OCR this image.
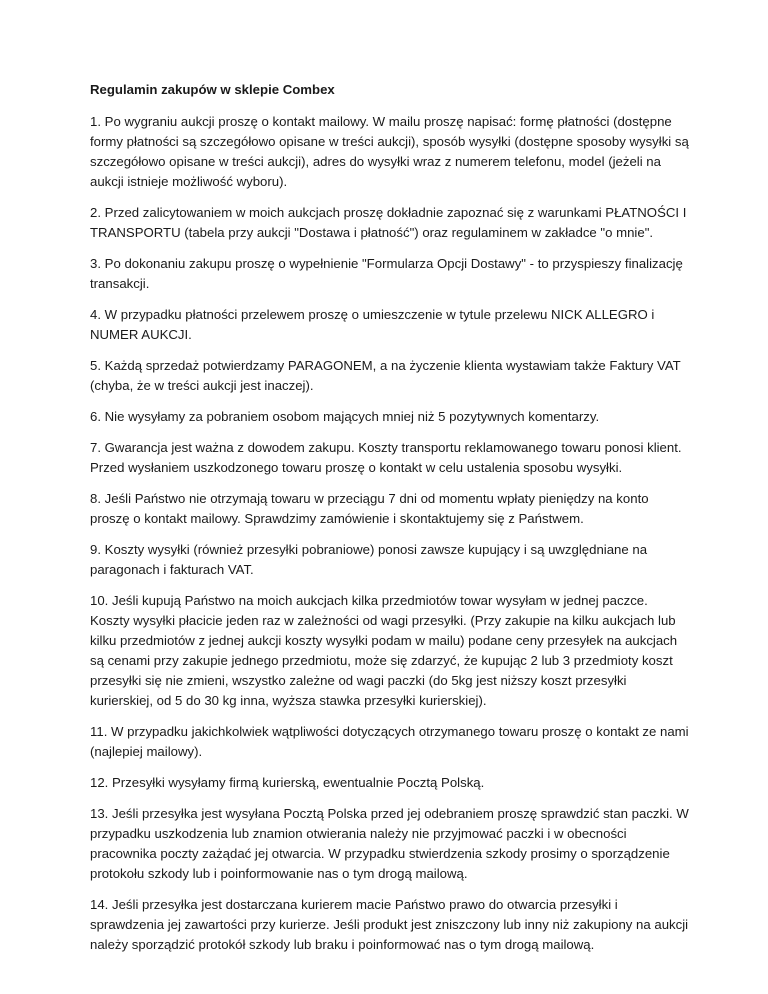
Regulamin zakupów w sklepie Combex

1. Po wygraniu aukcji proszę o kontakt mailowy. W mailu proszę napisać: formę płatności (dostępne formy płatności są szczegółowo opisane w treści aukcji), sposób wysyłki (dostępne sposoby wysyłki są szczegółowo opisane w treści aukcji), adres do wysyłki wraz z numerem telefonu, model (jeżeli na aukcji istnieje możliwość wyboru).

2. Przed zalicytowaniem w moich aukcjach proszę dokładnie zapoznać się z warunkami PŁATNOŚCI I TRANSPORTU (tabela przy aukcji "Dostawa i płatność") oraz regulaminem w zakładce "o mnie".

3. Po dokonaniu zakupu proszę o wypełnienie "Formularza Opcji Dostawy" - to przyspieszy finalizację transakcji.

4. W przypadku płatności przelewem proszę o umieszczenie w tytule przelewu NICK ALLEGRO i NUMER AUKCJI.

5. Każdą sprzedaż potwierdzamy PARAGONEM, a na życzenie klienta wystawiam także Faktury VAT (chyba, że w treści aukcji jest inaczej).

6. Nie wysyłamy za pobraniem osobom mających mniej niż 5 pozytywnych komentarzy.

7. Gwarancja jest ważna z dowodem zakupu. Koszty transportu reklamowanego towaru ponosi klient. Przed wysłaniem uszkodzonego towaru proszę o kontakt w celu ustalenia sposobu wysyłki.

8. Jeśli Państwo nie otrzymają towaru w przeciągu 7 dni od momentu wpłaty pieniędzy na konto proszę o kontakt mailowy. Sprawdzimy zamówienie i skontaktujemy się z Państwem.

9. Koszty wysyłki (również przesyłki pobraniowe) ponosi zawsze kupujący i są uwzględniane na paragonach i fakturach VAT.

10. Jeśli kupują Państwo na moich aukcjach kilka przedmiotów towar wysyłam w jednej paczce. Koszty wysyłki płacicie jeden raz w zależności od wagi przesyłki. (Przy zakupie na kilku aukcjach lub kilku przedmiotów z jednej aukcji koszty wysyłki podam w mailu) podane ceny przesyłek na aukcjach są cenami przy zakupie jednego przedmiotu, może się zdarzyć, że kupując 2 lub 3 przedmioty koszt przesyłki się nie zmieni, wszystko zależne od wagi paczki (do 5kg jest niższy koszt przesyłki kurierskiej, od 5 do 30 kg inna, wyższa stawka przesyłki kurierskiej).

11. W przypadku jakichkolwiek wątpliwości dotyczących otrzymanego towaru proszę o kontakt ze nami (najlepiej mailowy).

12. Przesyłki wysyłamy firmą kurierską, ewentualnie Pocztą Polską.

13. Jeśli przesyłka jest wysyłana Pocztą Polska przed jej odebraniem proszę sprawdzić stan paczki. W przypadku uszkodzenia lub znamion otwierania należy nie przyjmować paczki i w obecności pracownika poczty zażądać jej otwarcia. W przypadku stwierdzenia szkody prosimy o sporządzenie protokołu szkody lub i poinformowanie nas o tym drogą mailową.

14. Jeśli przesyłka jest dostarczana kurierem macie Państwo prawo do otwarcia przesyłki i sprawdzenia jej zawartości przy kurierze. Jeśli produkt jest zniszczony lub inny niż zakupiony na aukcji należy sporządzić protokół szkody lub braku i poinformować nas o tym drogą mailową.
